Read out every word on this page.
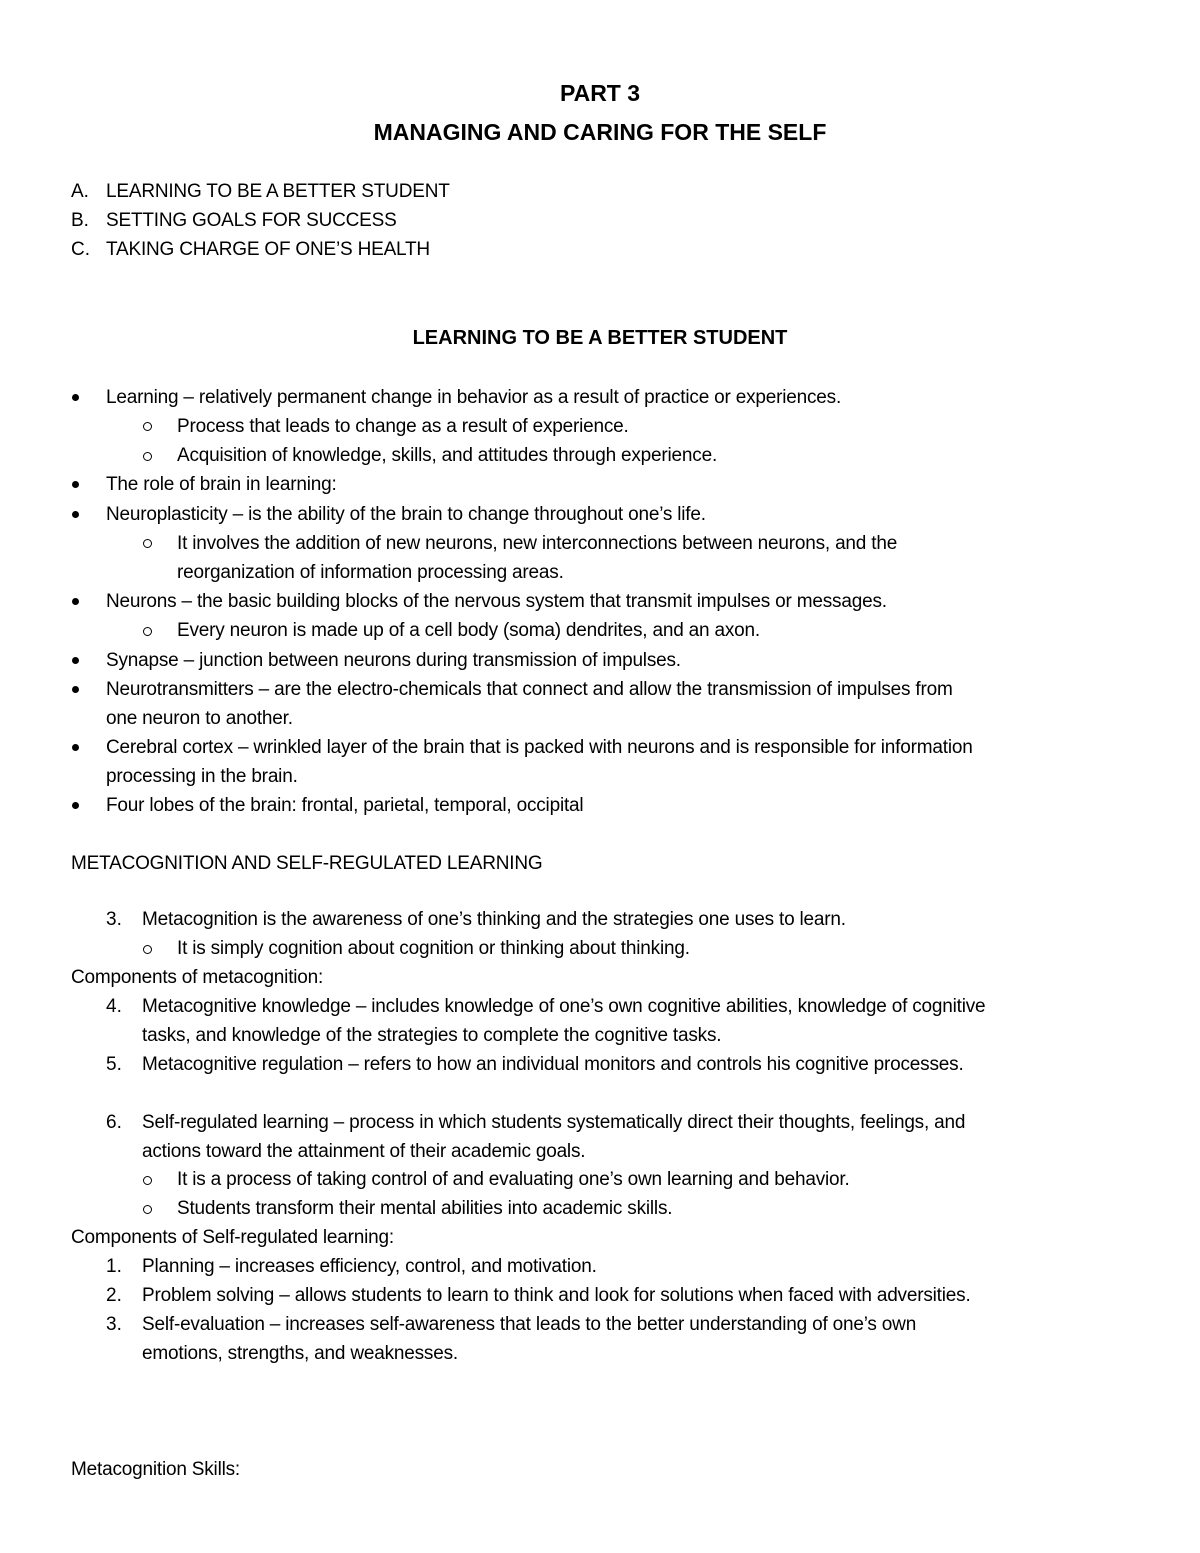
PART 3
MANAGING AND CARING FOR THE SELF
A. LEARNING TO BE A BETTER STUDENT
B. SETTING GOALS FOR SUCCESS
C. TAKING CHARGE OF ONE’S HEALTH
LEARNING TO BE A BETTER STUDENT
Learning – relatively permanent change in behavior as a result of practice or experiences.
Process that leads to change as a result of experience.
Acquisition of knowledge, skills, and attitudes through experience.
The role of brain in learning:
Neuroplasticity – is the ability of the brain to change throughout one’s life.
It involves the addition of new neurons, new interconnections between neurons, and the
reorganization of information processing areas.
Neurons – the basic building blocks of the nervous system that transmit impulses or messages.
Every neuron is made up of a cell body (soma) dendrites, and an axon.
Synapse – junction between neurons during transmission of impulses.
Neurotransmitters – are the electro-chemicals that connect and allow the transmission of impulses from
one neuron to another.
Cerebral cortex – wrinkled layer of the brain that is packed with neurons and is responsible for information
processing in the brain.
Four lobes of the brain: frontal, parietal, temporal, occipital
METACOGNITION AND SELF-REGULATED LEARNING
3. Metacognition is the awareness of one’s thinking and the strategies one uses to learn.
It is simply cognition about cognition or thinking about thinking.
Components of metacognition:
4. Metacognitive knowledge – includes knowledge of one’s own cognitive abilities, knowledge of cognitive
tasks, and knowledge of the strategies to complete the cognitive tasks.
5. Metacognitive regulation – refers to how an individual monitors and controls his cognitive processes.
6. Self-regulated learning – process in which students systematically direct their thoughts, feelings, and
actions toward the attainment of their academic goals.
It is a process of taking control of and evaluating one’s own learning and behavior.
Students transform their mental abilities into academic skills.
Components of Self-regulated learning:
1. Planning – increases efficiency, control, and motivation.
2. Problem solving – allows students to learn to think and look for solutions when faced with adversities.
3. Self-evaluation – increases self-awareness that leads to the better understanding of one’s own
emotions, strengths, and weaknesses.
Metacognition Skills:
